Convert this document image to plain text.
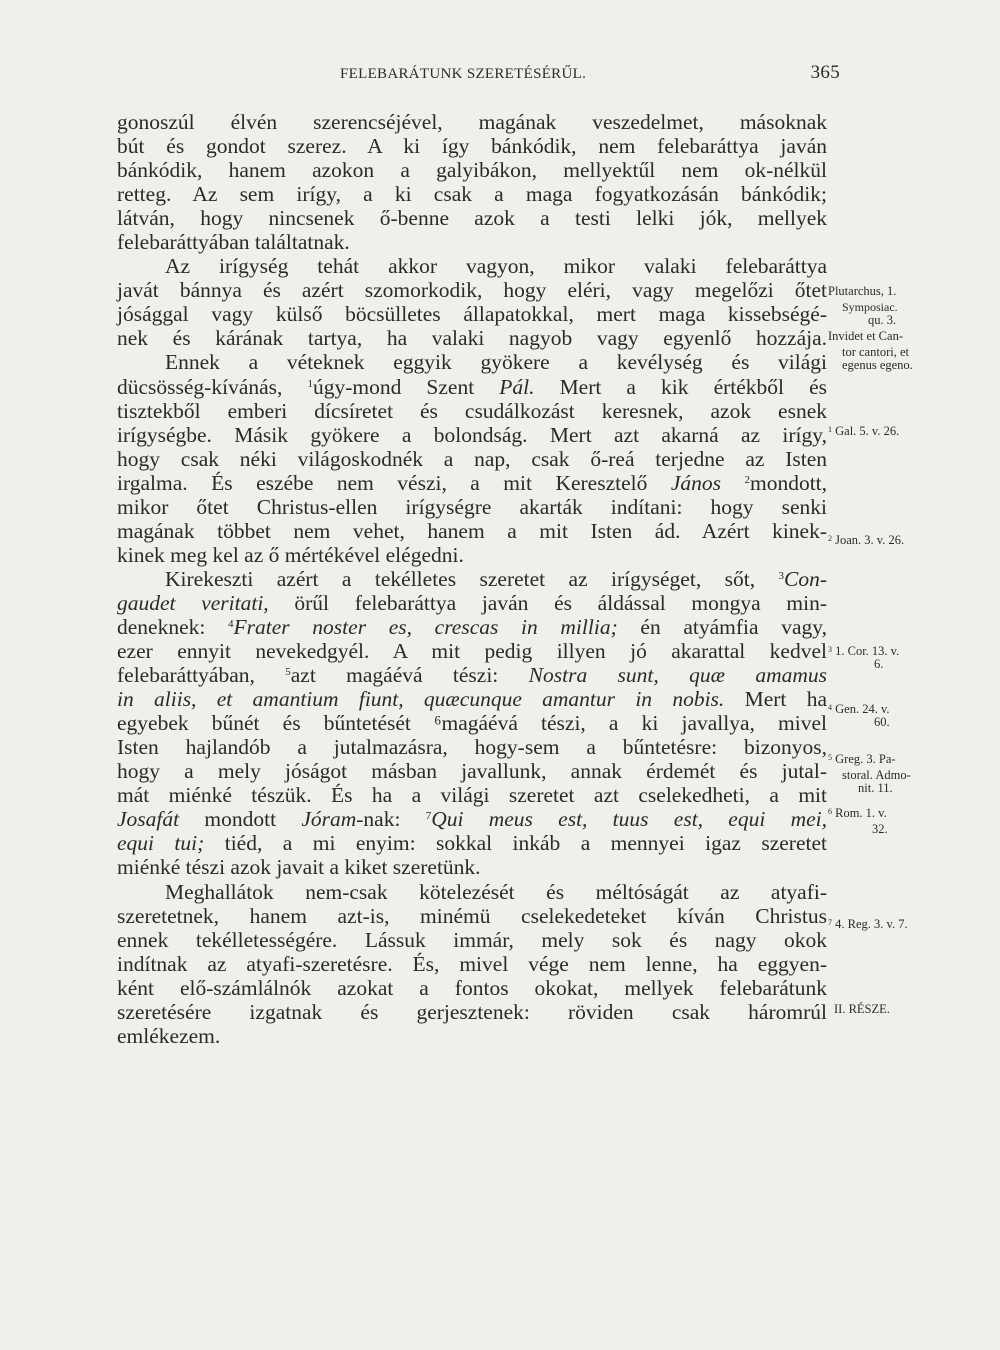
FELEBARÁTUNK SZERETÉSÉRŰL.	365
gonoszúl élvén szerencséjével, magának veszedelmet, másoknak
bút és gondot szerez. A ki így bánkódik, nem felebaráttya javán
bánkódik, hanem azokon a galyibákon, mellyektűl nem ok-nélkül
retteg. Az sem irígy, a ki csak a maga fogyatkozásán bánkódik;
látván, hogy nincsenek ő-benne azok a testi lelki jók, mellyek
felebaráttyában találtatnak.
Az irígység tehát akkor vagyon, mikor valaki felebaráttya
javát bánnya és azért szomorkodik, hogy eléri, vagy megelőzi őtet
jósággal vagy külső böcsülletes állapatokkal, mert maga kissebségé-
nek és kárának tartya, ha valaki nagyob vagy egyenlő hozzája.
Ennek a véteknek eggyik gyökere a kevélység és világi
dücsösség-kívánás, $^1$úgy-mond Szent Pál. Mert a kik értékből és
tisztekből emberi dícsíretet és csudálkozást keresnek, azok esnek
irígységbe. Másik gyökere a bolondság. Mert azt akarná az irígy,
hogy csak néki világoskodnék a nap, csak ő-reá terjedne az Isten
irgalma. És eszébe nem vészi, a mit Keresztelő János $^2$mondott,
mikor őtet Christus-ellen irígységre akarták indítani: hogy senki
magának többet nem vehet, hanem a mit Isten ád. Azért kinek-
kinek meg kel az ő mértékével elégedni.
Kirekeszti azért a tekélletes szeretet az irígységet, sőt, $^3$Con-
gaudet veritati, örűl felebaráttya javán és áldással mongya min-
deneknek: $^4$Frater noster es, crescas in millia; én atyámfia vagy,
ezer ennyit nevekedgyél. A mit pedig illyen jó akarattal kedvel
felebaráttyában, $^5$azt magáévá tészi: Nostra sunt, quæ amamus
in aliis, et amantium fiunt, quæcunque amantur in nobis. Mert ha
egyebek bűnét és bűntetését ⁶magáévá tészi, a ki javallya, mivel
Isten hajlandób a jutalmazásra, hogy-sem a bűntetésre: bizonyos,
hogy a mely jóságot másban javallunk, annak érdemét és jutal-
mát miénké tészük. És ha a világi szeretet azt cselekedheti, a mit
Josafát mondott Jóram-nak: $^7$Qui meus est, tuus est, equi mei,
equi tui; tiéd, a mi enyim: sokkal inkáb a mennyei igaz szeretet
miénké tészi azok javait a kiket szeretünk.
Meghallátok nem-csak kötelezését és méltóságát az atyafi-
szeretetnek, hanem azt-is, minémü cselekedeteket kíván Christus
ennek tekélletességére. Lássuk immár, mely sok és nagy okok
indítnak az atyafi-szeretésre. És, mivel vége nem lenne, ha eggyen-
ként elő-számlálnók azokat a fontos okokat, mellyek felebarátunk
szeretésére izgatnak és gerjesztenek: röviden csak háromrúl
emlékezem.
Plutarchus, 1.
Symposiac.
qu. 3.
Invidet et Can-
tor cantori, et
egenus egeno.
$^1$ Gal. 5. v. 26.
$^2$ Joan. 3. v. 26.
$^3$ 1. Cor. 13. v.
6.
$^4$ Gen. 24. v.
60.
$^5$ Greg. 3. Pa-
storal. Admo-
nit. 11.
$^6$ Rom. 1. v.
32.
$^7$ 4. Reg. 3. v. 7.
II. RÉSZE.
